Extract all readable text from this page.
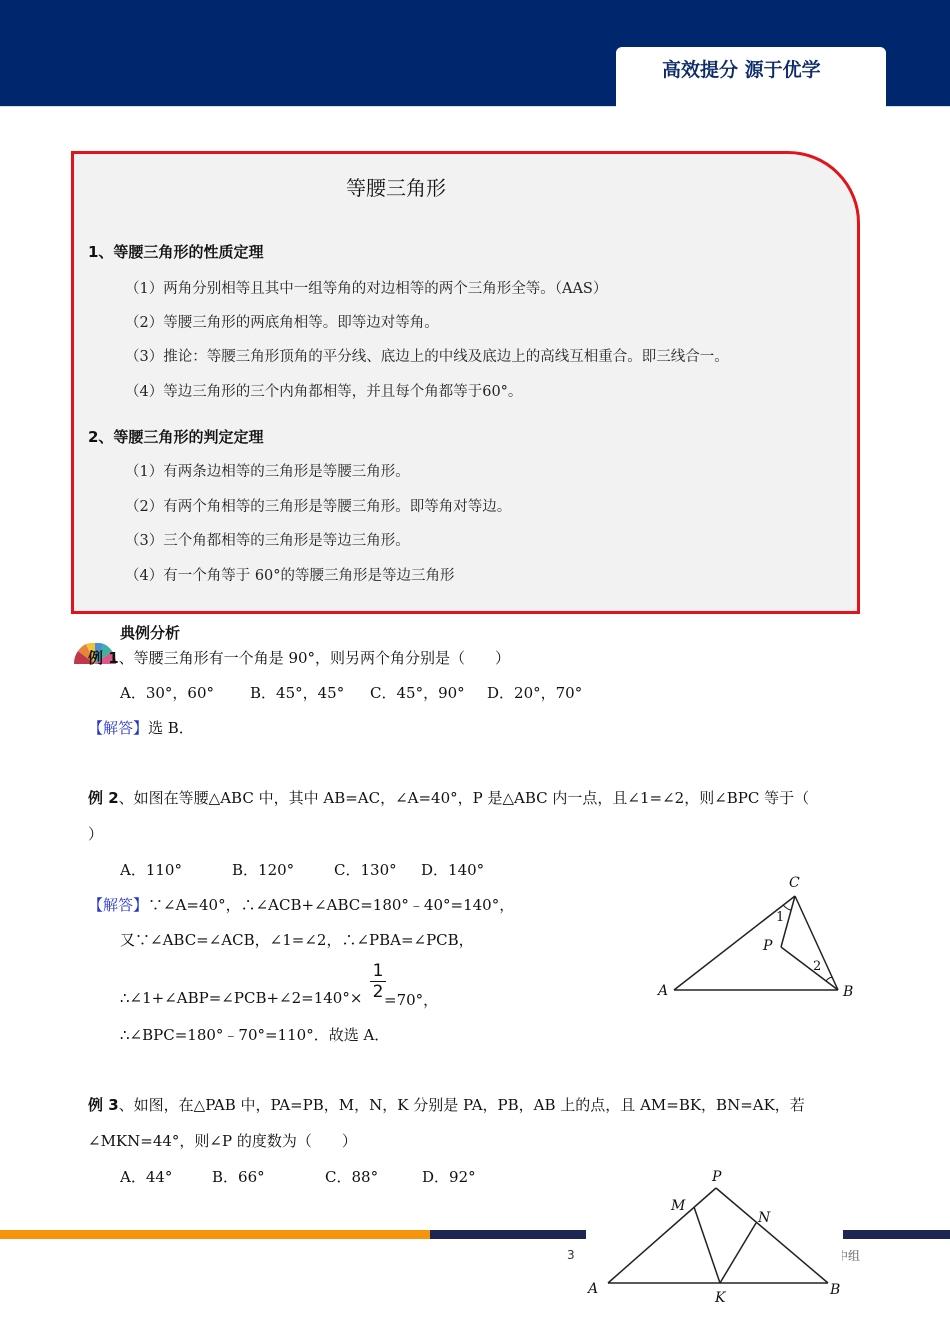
高效提分 源于优学
等腰三角形
1、等腰三角形的性质定理
（1）两角分别相等且其中一组等角的对边相等的两个三角形全等。（AAS）
（2）等腰三角形的两底角相等。即等边对等角。
（3）推论：等腰三角形顶角的平分线、底边上的中线及底边上的高线互相重合。即三线合一。
（4）等边三角形的三个内角都相等，并且每个角都等于60°。
2、等腰三角形的判定定理
（1）有两条边相等的三角形是等腰三角形。
（2）有两个角相等的三角形是等腰三角形。即等角对等边。
（3）三个角都相等的三角形是等边三角形。
（4）有一个角等于 60°的等腰三角形是等边三角形
典例分析
例 1、等腰三角形有一个角是 90°，则另两个角分别是（　　）
A．30°，60° B．45°，45° C．45°，90° D．20°，70°
【解答】选 B．
例 2、如图在等腰△ABC 中，其中 AB=AC，∠A=40°，P 是△ABC 内一点，且∠1=∠2，则∠BPC 等于（
）
A．110°	B．120°	C．130° D．140°
【解答】∵∠A=40°，∴∠ACB+∠ABC=180°﹣40°=140°，
又∵∠ABC=∠ACB，∠1=∠2，∴∠PBA=∠PCB，
∴∠1+∠ABP=∠PCB+∠2=140°×
1
2 =70°，
∴∠BPC=180°﹣70°=110°．故选 A．
A	B
C
P
1
2
例 3、如图，在△PAB 中，PA=PB，M，N，K 分别是 PA，PB，AB 上的点，且 AM=BK，BN=AK，若
∠MKN=44°，则∠P 的度数为（　　）
A．44°	B．66°	C．88°	D．92°
3	中组
P
M
N
A
K	B
